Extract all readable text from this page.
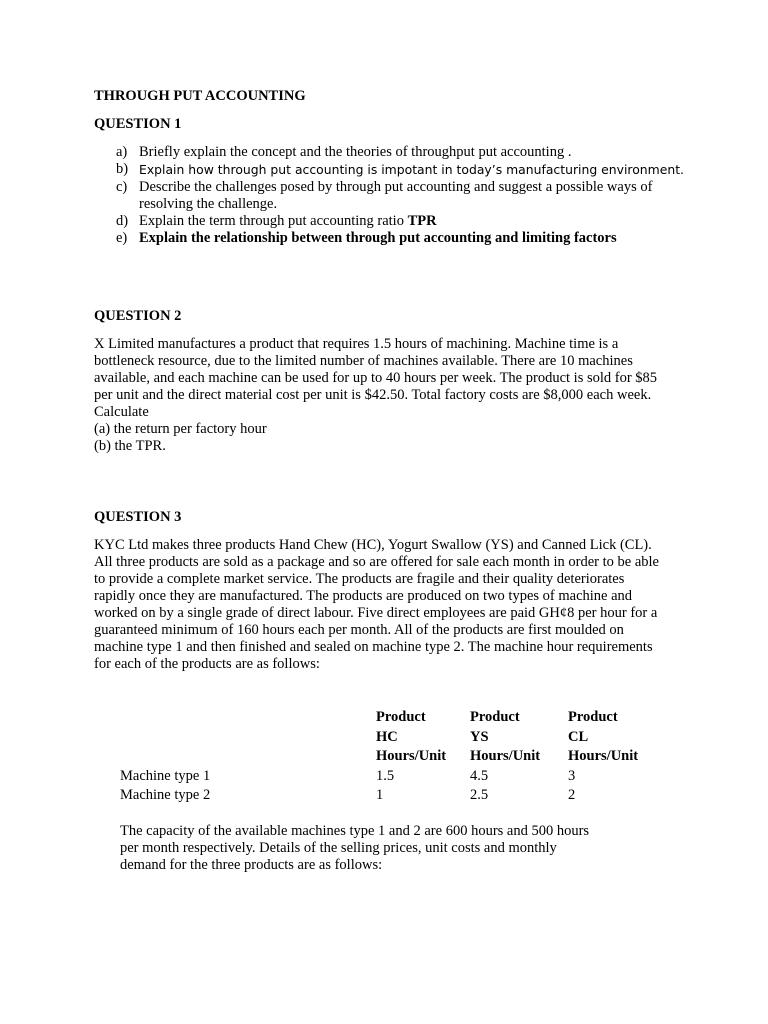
THROUGH PUT ACCOUNTING
QUESTION 1
a) Briefly explain the concept and the theories of throughput put accounting .
b) Explain how through put accounting is impotant in today’s manufacturing environment.
c) Describe the challenges posed by through put accounting and suggest a possible ways of resolving the challenge.
d) Explain the term through put accounting ratio TPR
e) Explain the relationship between through put accounting and limiting factors
QUESTION 2

X Limited manufactures a product that requires 1.5 hours of machining. Machine time is a bottleneck resource, due to the limited number of machines available. There are 10 machines available, and each machine can be used for up to 40 hours per week. The product is sold for $85 per unit and the direct material cost per unit is $42.50. Total factory costs are $8,000 each week.

Calculate

(a) the return per factory hour

(b) the TPR.

QUESTION 3

KYC Ltd makes three products Hand Chew (HC), Yogurt Swallow (YS) and Canned Lick (CL). All three products are sold as a package and so are offered for sale each month in order to be able to provide a complete market service. The products are fragile and their quality deteriorates rapidly once they are manufactured. The products are produced on two types of machine and worked on by a single grade of direct labour. Five direct employees are paid GH¢8 per hour for a guaranteed minimum of 160 hours each per month. All of the products are first moulded on machine type 1 and then finished and sealed on machine type 2. The machine hour requirements for each of the products are as follows:

	Product	Product	Product
	HC	YS	CL
	Hours/Unit	Hours/Unit	Hours/Unit
Machine type 1	1.5	4.5	3
Machine type 2	1	2.5	2

The capacity of the available machines type 1 and 2 are 600 hours and 500 hours per month respectively. Details of the selling prices, unit costs and monthly demand for the three products are as follows:
